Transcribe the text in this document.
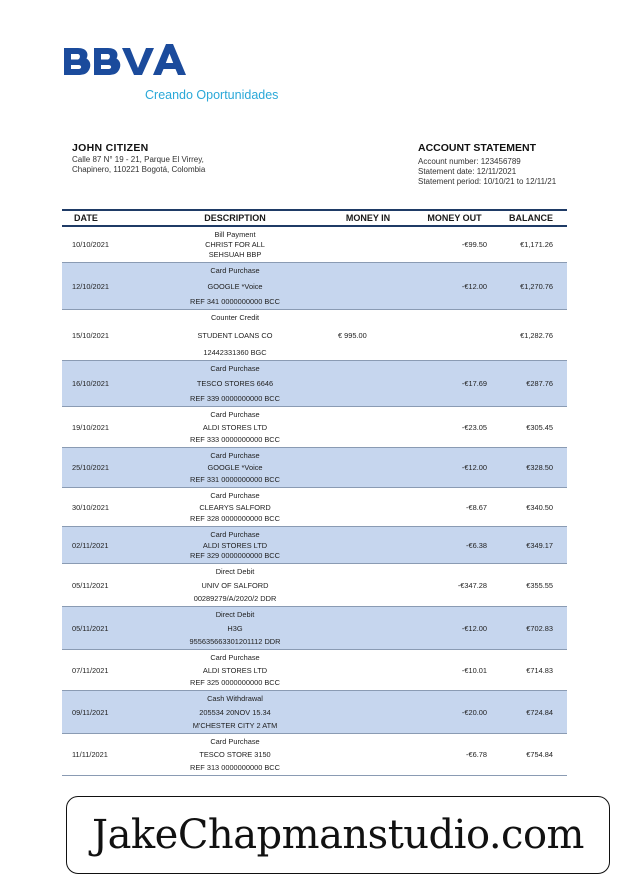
Creando Oportunidades
JOHN CITIZEN
Calle 87 N° 19 - 21, Parque El Virrey,
Chapinero, 110221 Bogotá, Colombia
ACCOUNT STATEMENT
Account number: 123456789
Statement date: 12/11/2021
Statement period: 10/10/21 to 12/11/21
DATE	DESCRIPTION	MONEY IN	MONEY OUT	BALANCE
10/10/2021	Bill Payment
CHRIST FOR ALL
SEHSUAH BBP		-€99.50	€1,171.26
12/10/2021	Card Purchase
GOOGLE *Voice
REF 341 0000000000 BCC		-€12.00	€1,270.76
15/10/2021	Counter Credit
STUDENT LOANS CO
12442331360 BGC	€ 995.00		€1,282.76
16/10/2021	Card Purchase
TESCO STORES 6646
REF 339 0000000000 BCC		-€17.69	€287.76
19/10/2021	Card Purchase
ALDI STORES LTD
REF 333 0000000000 BCC		-€23.05	€305.45
25/10/2021	Card Purchase
GOOGLE *Voice
REF 331 0000000000 BCC		-€12.00	€328.50
30/10/2021	Card Purchase
CLEARYS SALFORD
REF 328 0000000000 BCC		-€8.67	€340.50
02/11/2021	Card Purchase
ALDI STORES LTD
REF 329 0000000000 BCC		-€6.38	€349.17
05/11/2021	Direct Debit
UNIV OF SALFORD
00289279/A/2020/2 DDR		-€347.28	€355.55
05/11/2021	Direct Debit
H3G
955635663301201112 DDR		-€12.00	€702.83
07/11/2021	Card Purchase
ALDI STORES LTD
REF 325 0000000000 BCC		-€10.01	€714.83
09/11/2021	Cash Withdrawal
205534 20NOV 15.34
M'CHESTER CITY 2 ATM		-€20.00	€724.84
11/11/2021	Card Purchase
TESCO STORE 3150
REF 313 0000000000 BCC		-€6.78	€754.84
JakeChapmanstudio.com
